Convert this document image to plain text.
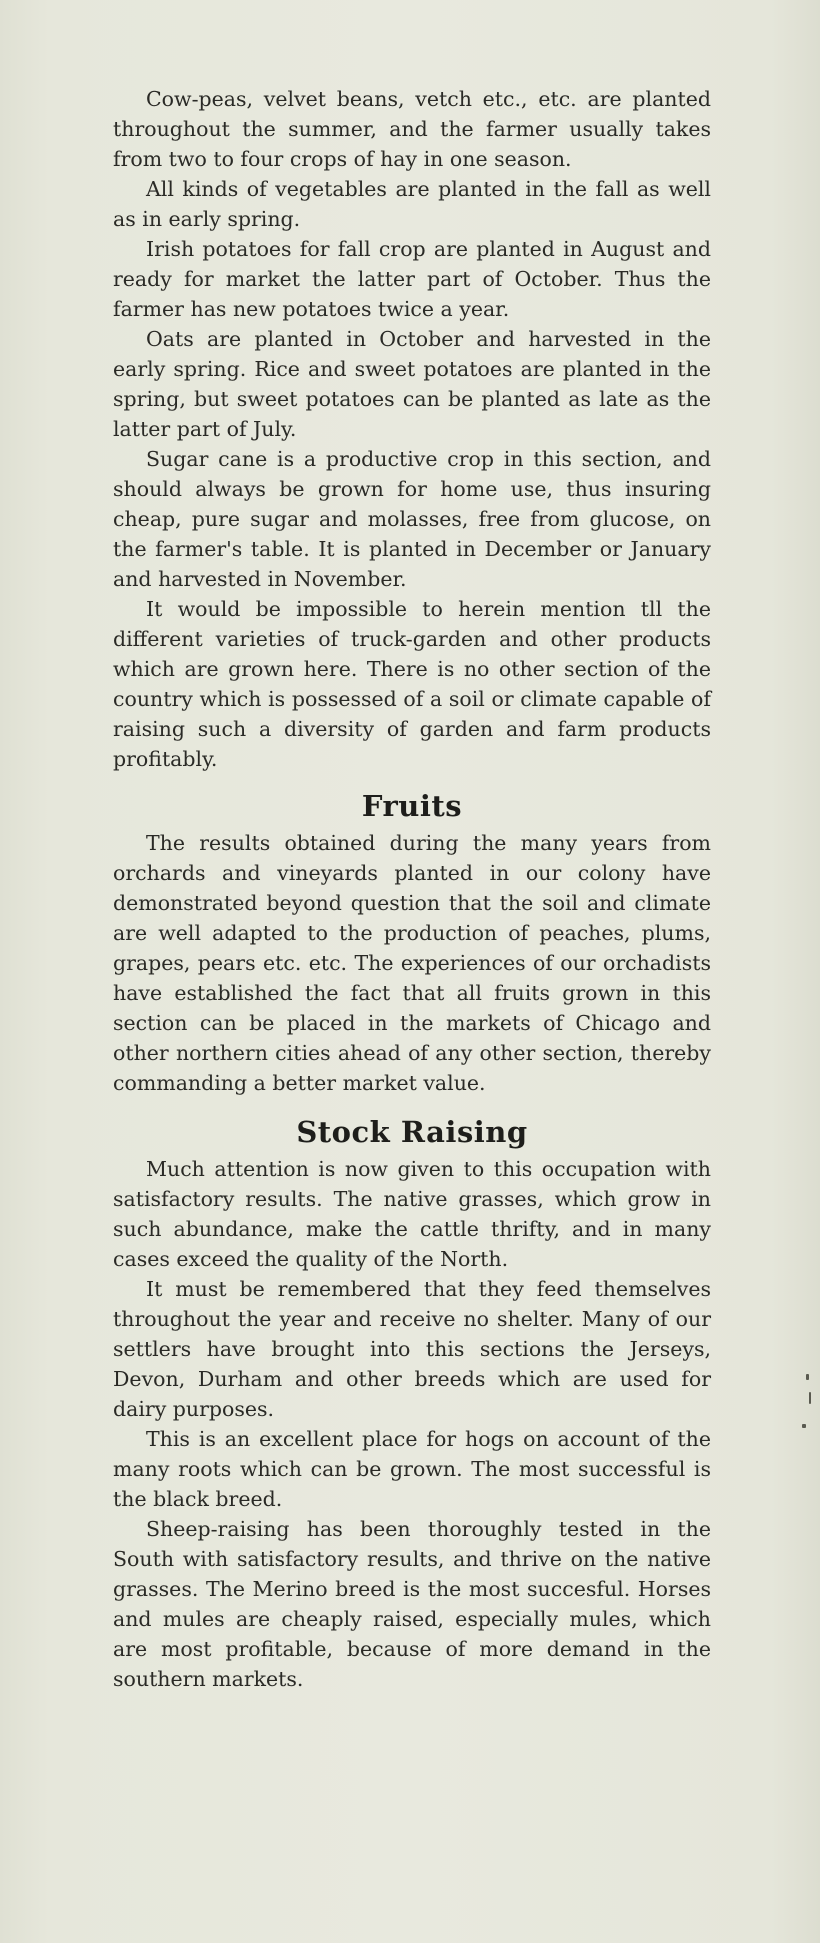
Cow-peas, velvet beans, vetch etc., etc. are planted throughout the summer, and the farmer usually takes from two to four crops of hay in one season.

All kinds of vegetables are planted in the fall as well as in early spring.

Irish potatoes for fall crop are planted in August and ready for market the latter part of October. Thus the farmer has new potatoes twice a year.

Oats are planted in October and harvested in the early spring. Rice and sweet potatoes are planted in the spring, but sweet potatoes can be planted as late as the latter part of July.

Sugar cane is a productive crop in this section, and should always be grown for home use, thus insuring cheap, pure sugar and molasses, free from glucose, on the farmer's table. It is planted in December or January and harvested in November.

It would be impossible to herein mention tll the different varieties of truck-garden and other products which are grown here. There is no other section of the country which is possessed of a soil or climate capable of raising such a diversity of garden and farm products profitably.

Fruits

The results obtained during the many years from orchards and vineyards planted in our colony have demonstrated beyond question that the soil and climate are well adapted to the production of peaches, plums, grapes, pears etc. etc. The experiences of our orchadists have established the fact that all fruits grown in this section can be placed in the markets of Chicago and other northern cities ahead of any other section, thereby commanding a better market value.

Stock Raising

Much attention is now given to this occupation with satisfactory results. The native grasses, which grow in such abundance, make the cattle thrifty, and in many cases exceed the quality of the North.

It must be remembered that they feed themselves throughout the year and receive no shelter. Many of our settlers have brought into this sections the Jerseys, Devon, Durham and other breeds which are used for dairy purposes.

This is an excellent place for hogs on account of the many roots which can be grown. The most successful is the black breed.

Sheep-raising has been thoroughly tested in the South with satisfactory results, and thrive on the native grasses. The Merino breed is the most succesful. Horses and mules are cheaply raised, especially mules, which are most profitable, because of more demand in the southern markets.
